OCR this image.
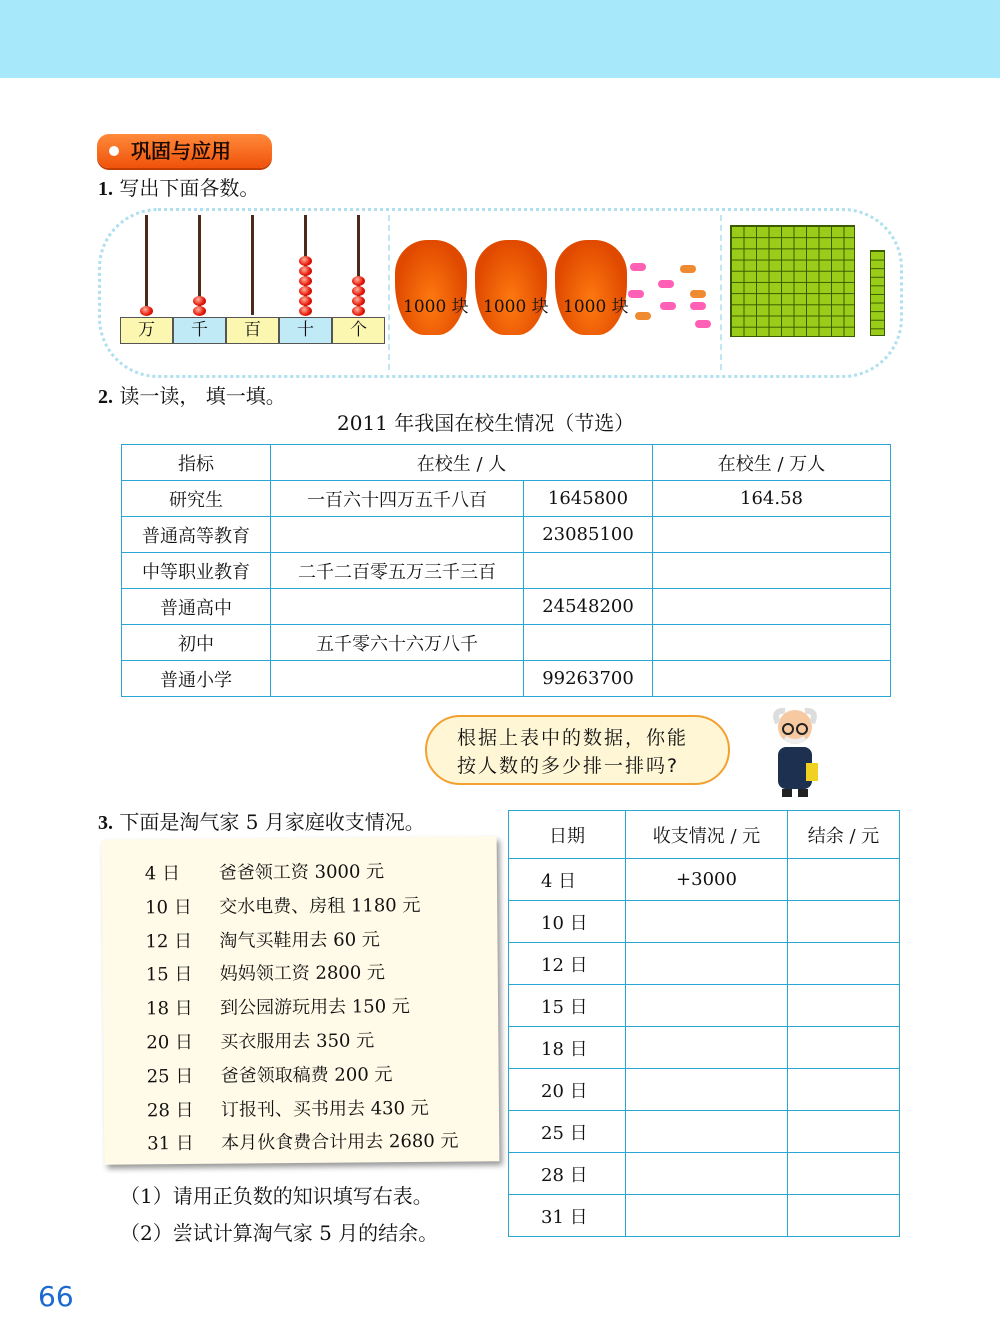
巩固与应用
1. 写出下面各数。
万	千	百	十	个
1000 块 1000 块 1000 块
2. 读一读， 填一填。
2011 年我国在校生情况（节选）
指标	在校生 / 人		在校生 / 万人
研究生	一百六十四万五千八百	1645800	164.58
普通高等教育		23085100	
中等职业教育	二千二百零五万三千三百		
普通高中		24548200	
初中	五千零六十六万八千		
普通小学		99263700	
根据上表中的数据，你能
按人数的多少排一排吗?
3. 下面是淘气家 5 月家庭收支情况。
4 日 爸爸领工资 3000 元
10 日 交水电费、房租 1180 元
12 日 淘气买鞋用去 60 元
15 日 妈妈领工资 2800 元
18 日 到公园游玩用去 150 元
20 日 买衣服用去 350 元
25 日 爸爸领取稿费 200 元
28 日 订报刊、买书用去 430 元
31 日 本月伙食费合计用去 2680 元
日期	收支情况 / 元	结余 / 元
4 日	+3000	
10 日		
12 日		
15 日		
18 日		
20 日		
25 日		
28 日		
31 日		
（1）请用正负数的知识填写右表。
（2）尝试计算淘气家 5 月的结余。
66
